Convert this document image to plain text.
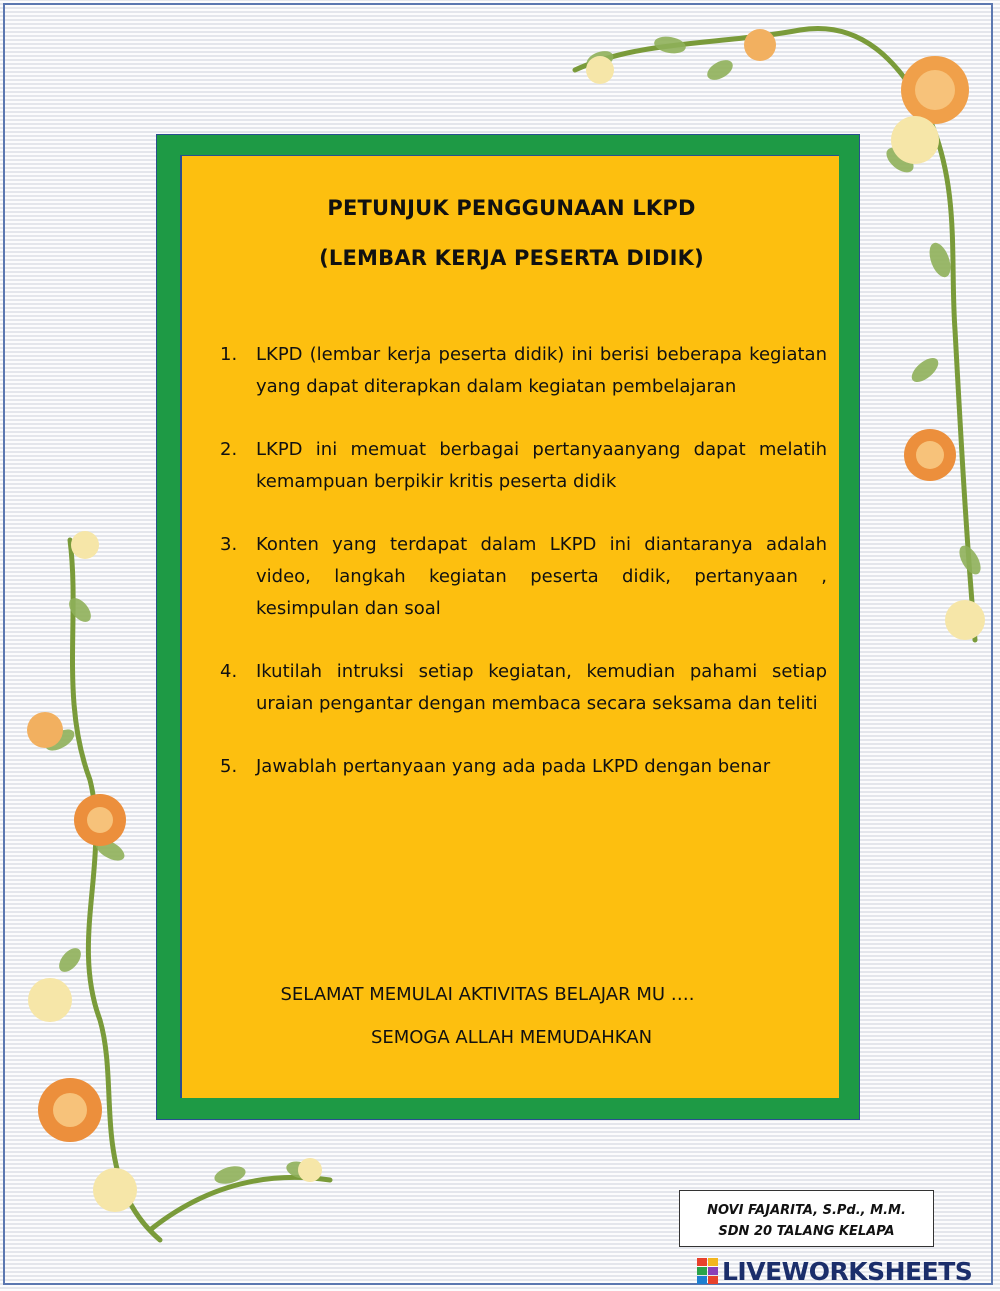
PETUNJUK PENGGUNAAN LKPD
(LEMBAR KERJA PESERTA DIDIK)
1.	LKPD (lembar kerja peserta didik) ini berisi beberapa kegiatan yang dapat diterapkan dalam kegiatan pembelajaran
2.	LKPD ini memuat berbagai pertanyaanyang dapat melatih kemampuan berpikir kritis peserta didik
3.	Konten yang terdapat dalam LKPD ini diantaranya adalah video, langkah kegiatan peserta didik, pertanyaan , kesimpulan dan soal
4.	Ikutilah intruksi setiap kegiatan, kemudian pahami setiap uraian pengantar dengan membaca secara seksama dan teliti
5.	Jawablah pertanyaan yang ada pada LKPD dengan benar
SELAMAT MEMULAI AKTIVITAS BELAJAR MU ….
SEMOGA ALLAH MEMUDAHKAN
NOVI FAJARITA, S.Pd., M.M.
SDN 20 TALANG KELAPA
LIVEWORKSHEETS
